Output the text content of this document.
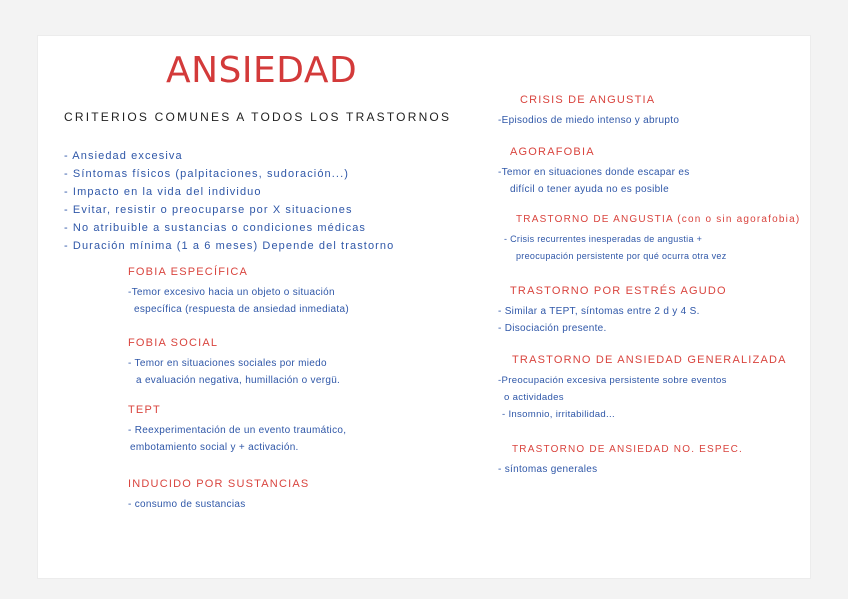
ANSIEDAD
CRITERIOS COMUNES A TODOS LOS TRASTORNOS
- Ansiedad excesiva
- Síntomas físicos (palpitaciones, sudoración...)
- Impacto en la vida del individuo
- Evitar, resistir o preocuparse por X situaciones
- No atribuible a sustancias o condiciones médicas
- Duración mínima (1 a 6 meses) Depende del trastorno
FOBIA ESPECÍFICA
-Temor excesivo hacia un objeto o situación
específica (respuesta de ansiedad inmediata)
FOBIA SOCIAL
- Temor en situaciones sociales por miedo
a evaluación negativa, humillación o vergü.
TEPT
- Reexperimentación de un evento traumático,
embotamiento social y + activación.
INDUCIDO POR SUSTANCIAS
- consumo de sustancias
CRISIS DE ANGUSTIA
-Episodios de miedo intenso y abrupto
AGORAFOBIA
-Temor en situaciones donde escapar es
difícil o tener ayuda no es posible
TRASTORNO DE ANGUSTIA (con o sin agorafobia)
- Crisis recurrentes inesperadas de angustia +
preocupación persistente por qué ocurra otra vez
TRASTORNO POR ESTRÉS AGUDO
- Similar a TEPT, síntomas entre 2 d y 4 S.
- Disociación presente.
TRASTORNO DE ANSIEDAD GENERALIZADA
-Preocupación excesiva persistente sobre eventos
o actividades
- Insomnio, irritabilidad...
TRASTORNO DE ANSIEDAD NO. ESPEC.
- síntomas generales
